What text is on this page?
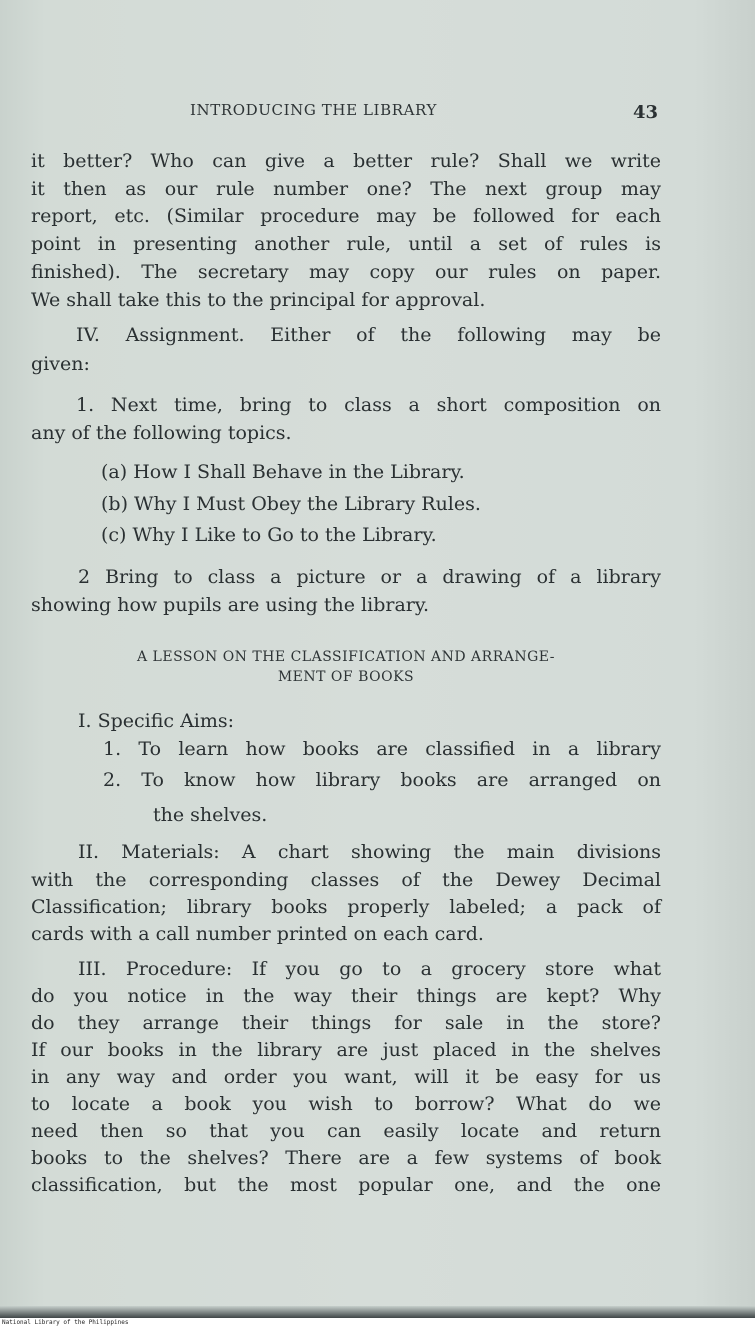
INTRODUCING THE LIBRARY	43
it better? Who can give a better rule? Shall we write
it then as our rule number one? The next group may
report, etc. (Similar procedure may be followed for each
point in presenting another rule, until a set of rules is
finished). The secretary may copy our rules on paper.
We shall take this to the principal for approval.
IV. Assignment. Either of the following may be
given:
1. Next time, bring to class a short composition on
any of the following topics.
(a) How I Shall Behave in the Library.
(b) Why I Must Obey the Library Rules.
(c) Why I Like to Go to the Library.
2 Bring to class a picture or a drawing of a library
showing how pupils are using the library.
A LESSON ON THE CLASSIFICATION AND ARRANGE-
MENT OF BOOKS
I. Specific Aims:
1. To learn how books are classified in a library
2. To know how library books are arranged on
the shelves.
II. Materials: A chart showing the main divisions
with the corresponding classes of the Dewey Decimal
Classification; library books properly labeled; a pack of
cards with a call number printed on each card.
III. Procedure: If you go to a grocery store what
do you notice in the way their things are kept? Why
do they arrange their things for sale in the store?
If our books in the library are just placed in the shelves
in any way and order you want, will it be easy for us
to locate a book you wish to borrow? What do we
need then so that you can easily locate and return
books to the shelves? There are a few systems of book
classification, but the most popular one, and the one
National Library of the Philippines
